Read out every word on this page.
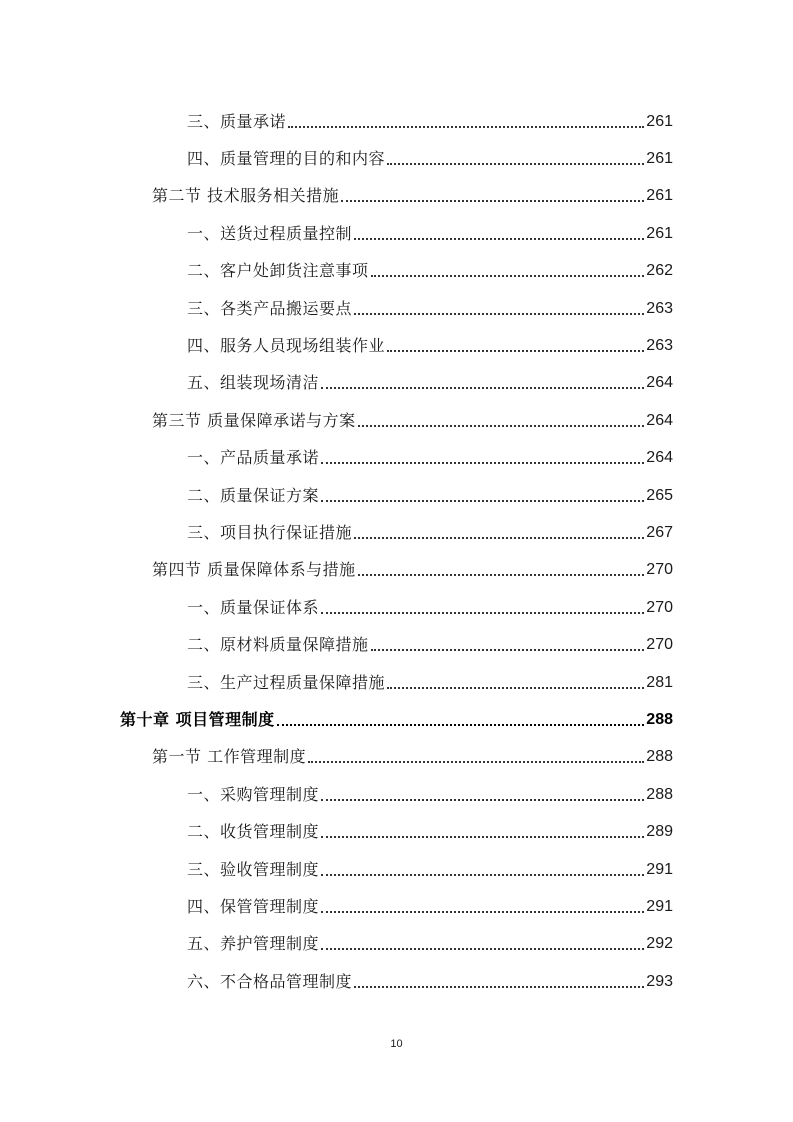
三、质量承诺	261
四、质量管理的目的和内容	261
第二节 技术服务相关措施	261
一、送货过程质量控制	261
二、客户处卸货注意事项	262
三、各类产品搬运要点	263
四、服务人员现场组装作业	263
五、组装现场清洁	264
第三节 质量保障承诺与方案	264
一、产品质量承诺	264
二、质量保证方案	265
三、项目执行保证措施	267
第四节 质量保障体系与措施	270
一、质量保证体系	270
二、原材料质量保障措施	270
三、生产过程质量保障措施	281
第十章 项目管理制度	288
第一节 工作管理制度	288
一、采购管理制度	288
二、收货管理制度	289
三、验收管理制度	291
四、保管管理制度	291
五、养护管理制度	292
六、不合格品管理制度	293
10
